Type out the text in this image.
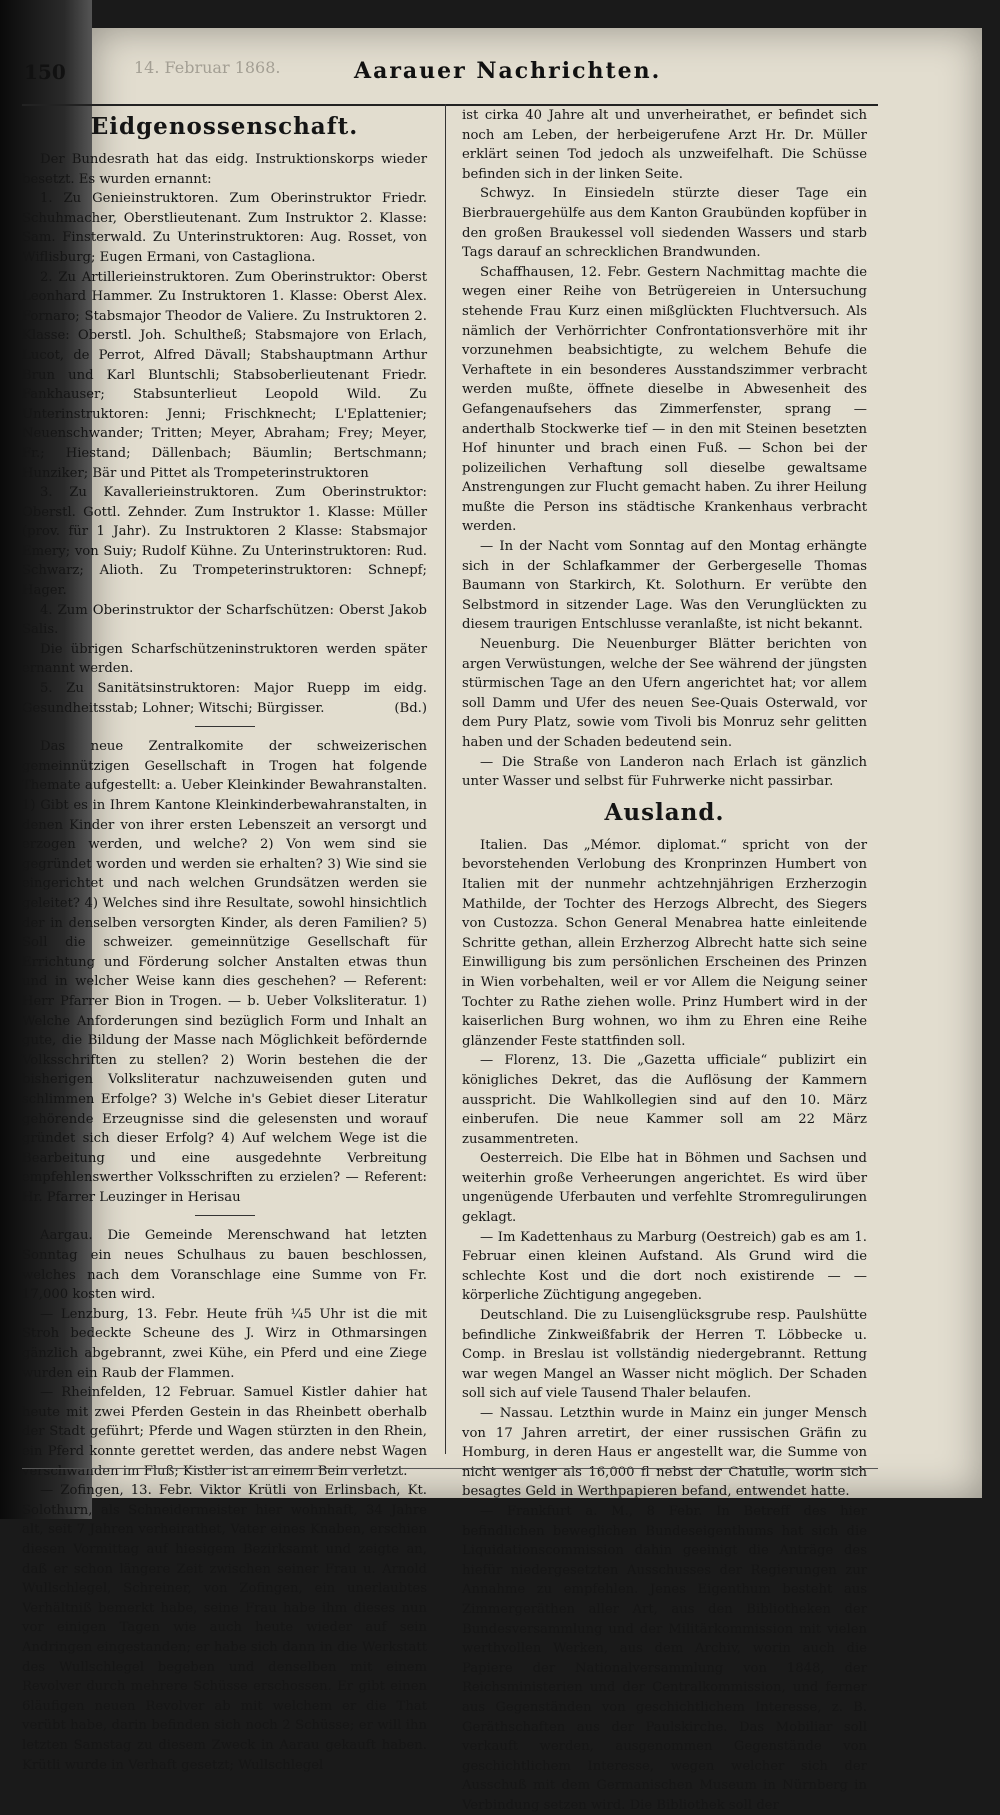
150	14. Februar 1868.	Aarauer Nachrichten.
Eidgenossenschaft.

Der Bundesrath hat das eidg. Instruktionskorps wieder besetzt. Es wurden ernannt:

1. Zu Genieinstruktoren. Zum Oberinstruktor Friedr. Schuhmacher, Oberstlieutenant. Zum Instruktor 2. Klasse: Sam. Finsterwald. Zu Unterinstruktoren: Aug. Rosset, von Wiflisburg; Eugen Ermani, von Castagliona.

2. Zu Artillerieinstruktoren. Zum Oberinstruktor: Oberst Leonhard Hammer. Zu Instruktoren 1. Klasse: Oberst Alex. Fornaro; Stabsmajor Theodor de Valiere. Zu Instruktoren 2. Klasse: Oberstl. Joh. Schultheß; Stabsmajore von Erlach, Lucot, de Perrot, Alfred Dävall; Stabshauptmann Arthur Brun und Karl Bluntschli; Stabsoberlieutenant Friedr. Fankhauser; Stabsunterlieut Leopold Wild. Zu Unterinstruktoren: Jenni; Frischknecht; L'Eplattenier; Neuenschwander; Tritten; Meyer, Abraham; Frey; Meyer, Fr.; Hiestand; Dällenbach; Bäumlin; Bertschmann; Hunziker; Bär und Pittet als Trompeterinstruktoren

3. Zu Kavallerieinstruktoren. Zum Oberinstruktor: Oberstl. Gottl. Zehnder. Zum Instruktor 1. Klasse: Müller (prov. für 1 Jahr). Zu Instruktoren 2 Klasse: Stabsmajor Emery; von Suiy; Rudolf Kühne. Zu Unterinstruktoren: Rud. Schwarz; Alioth. Zu Trompeterinstruktoren: Schnepf; Hager.

4. Zum Oberinstruktor der Scharfschützen: Oberst Jakob Salis.

Die übrigen Scharfschützeninstruktoren werden später ernannt werden.

5. Zu Sanitätsinstruktoren: Major Ruepp im eidg. Gesundheitsstab; Lohner; Witschi; Bürgisser.	(Bd.)

Das neue Zentralkomite der schweizerischen gemeinnützigen Gesellschaft in Trogen hat folgende Themate aufgestellt: a. Ueber Kleinkinder Bewahranstalten. 1) Gibt es in Ihrem Kantone Kleinkinderbewahranstalten, in denen Kinder von ihrer ersten Lebenszeit an versorgt und erzogen werden, und welche? 2) Von wem sind sie gegründet worden und werden sie erhalten? 3) Wie sind sie eingerichtet und nach welchen Grundsätzen werden sie geleitet? 4) Welches sind ihre Resultate, sowohl hinsichtlich der in denselben versorgten Kinder, als deren Familien? 5) Soll die schweizer. gemeinnützige Gesellschaft für Errichtung und Förderung solcher Anstalten etwas thun und in welcher Weise kann dies geschehen? — Referent: Herr Pfarrer Bion in Trogen. — b. Ueber Volksliteratur. 1) Welche Anforderungen sind bezüglich Form und Inhalt an gute, die Bildung der Masse nach Möglichkeit befördernde Volksschriften zu stellen? 2) Worin bestehen die der bisherigen Volksliteratur nachzuweisenden guten und schlimmen Erfolge? 3) Welche in's Gebiet dieser Literatur gehörende Erzeugnisse sind die gelesensten und worauf gründet sich dieser Erfolg? 4) Auf welchem Wege ist die Bearbeitung und eine ausgedehnte Verbreitung empfehlenswerther Volksschriften zu erzielen? — Referent: Hr. Pfarrer Leuzinger in Herisau

Aargau. Die Gemeinde Merenschwand hat letzten Sonntag ein neues Schulhaus zu bauen beschlossen, welches nach dem Voranschlage eine Summe von Fr. 17,000 kosten wird.

— Lenzburg, 13. Febr. Heute früh ¼5 Uhr ist die mit Stroh bedeckte Scheune des J. Wirz in Othmarsingen gänzlich abgebrannt, zwei Kühe, ein Pferd und eine Ziege wurden ein Raub der Flammen.

— Rheinfelden, 12 Februar. Samuel Kistler dahier hat heute mit zwei Pferden Gestein in das Rheinbett oberhalb der Stadt geführt; Pferde und Wagen stürzten in den Rhein, ein Pferd konnte gerettet werden, das andere nebst Wagen verschwanden im Fluß; Kistler ist an einem Bein verletzt.

— Zofingen, 13. Febr. Viktor Krütli von Erlinsbach, Kt. Solothurn, als Schneidermeister hier wohnhaft, 34 Jahre alt, seit 7 Jahren verheirathet, Vater eines Knaben, erschien diesen Vormittag auf hiesigem Bezirksamt und zeigte an, daß er schon längere Zeit zwischen seiner Frau u. Arnold Wullschlegel, Schreiner, von Zofingen, ein unerlaubtes Verhältniß bemerkt habe, seine Frau habe ihm dieses nun vor einigen Tagen wie auch heute wieder auf sein Andringen eingestanden; er habe sich dann in die Werkstatt des Wullschlegel begeben und denselben mit einem Revolver durch mehrere Schüsse erschossen. Er gibt einen 6läufigen neuen Revolver ab mit welchem er die That verübt habe, darin befinden sich noch 2 Schüsse; er will ihn letzten Samstag zu diesem Zweck in Aarau gekauft haben. Krütli wurde in Verhaft gesetzt; Wullschlegel

ist cirka 40 Jahre alt und unverheirathet, er befindet sich noch am Leben, der herbeigerufene Arzt Hr. Dr. Müller erklärt seinen Tod jedoch als unzweifelhaft. Die Schüsse befinden sich in der linken Seite.

Schwyz. In Einsiedeln stürzte dieser Tage ein Bierbrauergehülfe aus dem Kanton Graubünden kopfüber in den großen Braukessel voll siedenden Wassers und starb Tags darauf an schrecklichen Brandwunden.

Schaffhausen, 12. Febr. Gestern Nachmittag machte die wegen einer Reihe von Betrügereien in Untersuchung stehende Frau Kurz einen mißglückten Fluchtversuch. Als nämlich der Verhörrichter Confrontationsverhöre mit ihr vorzunehmen beabsichtigte, zu welchem Behufe die Verhaftete in ein besonderes Ausstandszimmer verbracht werden mußte, öffnete dieselbe in Abwesenheit des Gefangenaufsehers das Zimmerfenster, sprang — anderthalb Stockwerke tief — in den mit Steinen besetzten Hof hinunter und brach einen Fuß. — Schon bei der polizeilichen Verhaftung soll dieselbe gewaltsame Anstrengungen zur Flucht gemacht haben. Zu ihrer Heilung mußte die Person ins städtische Krankenhaus verbracht werden.

— In der Nacht vom Sonntag auf den Montag erhängte sich in der Schlafkammer der Gerbergeselle Thomas Baumann von Starkirch, Kt. Solothurn. Er verübte den Selbstmord in sitzender Lage. Was den Verunglückten zu diesem traurigen Entschlusse veranlaßte, ist nicht bekannt.

Neuenburg. Die Neuenburger Blätter berichten von argen Verwüstungen, welche der See während der jüngsten stürmischen Tage an den Ufern angerichtet hat; vor allem soll Damm und Ufer des neuen See-Quais Osterwald, vor dem Pury Platz, sowie vom Tivoli bis Monruz sehr gelitten haben und der Schaden bedeutend sein.

— Die Straße von Landeron nach Erlach ist gänzlich unter Wasser und selbst für Fuhrwerke nicht passirbar.

Ausland.

Italien. Das „Mémor. diplomat.“ spricht von der bevorstehenden Verlobung des Kronprinzen Humbert von Italien mit der nunmehr achtzehnjährigen Erzherzogin Mathilde, der Tochter des Herzogs Albrecht, des Siegers von Custozza. Schon General Menabrea hatte einleitende Schritte gethan, allein Erzherzog Albrecht hatte sich seine Einwilligung bis zum persönlichen Erscheinen des Prinzen in Wien vorbehalten, weil er vor Allem die Neigung seiner Tochter zu Rathe ziehen wolle. Prinz Humbert wird in der kaiserlichen Burg wohnen, wo ihm zu Ehren eine Reihe glänzender Feste stattfinden soll.

— Florenz, 13. Die „Gazetta ufficiale“ publizirt ein königliches Dekret, das die Auflösung der Kammern ausspricht. Die Wahlkollegien sind auf den 10. März einberufen. Die neue Kammer soll am 22 März zusammentreten.

Oesterreich. Die Elbe hat in Böhmen und Sachsen und weiterhin große Verheerungen angerichtet. Es wird über ungenügende Uferbauten und verfehlte Stromregulirungen geklagt.

— Im Kadettenhaus zu Marburg (Oestreich) gab es am 1. Februar einen kleinen Aufstand. Als Grund wird die schlechte Kost und die dort noch existirende — — körperliche Züchtigung angegeben.

Deutschland. Die zu Luisenglücksgrube resp. Paulshütte befindliche Zinkweißfabrik der Herren T. Löbbecke u. Comp. in Breslau ist vollständig niedergebrannt. Rettung war wegen Mangel an Wasser nicht möglich. Der Schaden soll sich auf viele Tausend Thaler belaufen.

— Nassau. Letzthin wurde in Mainz ein junger Mensch von 17 Jahren arretirt, der einer russischen Gräfin zu Homburg, in deren Haus er angestellt war, die Summe von nicht weniger als 16,000 fl nebst der Chatulle, worin sich besagtes Geld in Werthpapieren befand, entwendet hatte.

— Frankfurt a. M., 8 Febr. In Betreff des hier befindlichen beweglichen Bundeseigenthums hat sich die Liquidationscommission dahin geeinigt die Anträge des hiefür niedergesetzten Ausschusses der Regierungen zur Annahme zu empfehlen. Jenes Eigenthum besteht aus Zimmergeräthen aller Art, aus den Bibliotheken der Bundesversammlung und der Militärkommission mit vielen werthvollen Werken, aus dem Archiv, worin auch die Papiere der Nationalversammlung von 1848, der Reichsministerien und der Centralkommission, und ferner aus Gegenständen von geschichtlichem Interesse, z. B. Geräthschaften aus der Paulskirche. Das Mobiliar soll verkauft werden, ausgenommen Gegenstände von geschichtlichem Interesse, wegen welcher sich der Ausschuß mit dem Germanischen Museum in Nürnberg in Verbindung setzen wird. Die Bibliothek soll der
